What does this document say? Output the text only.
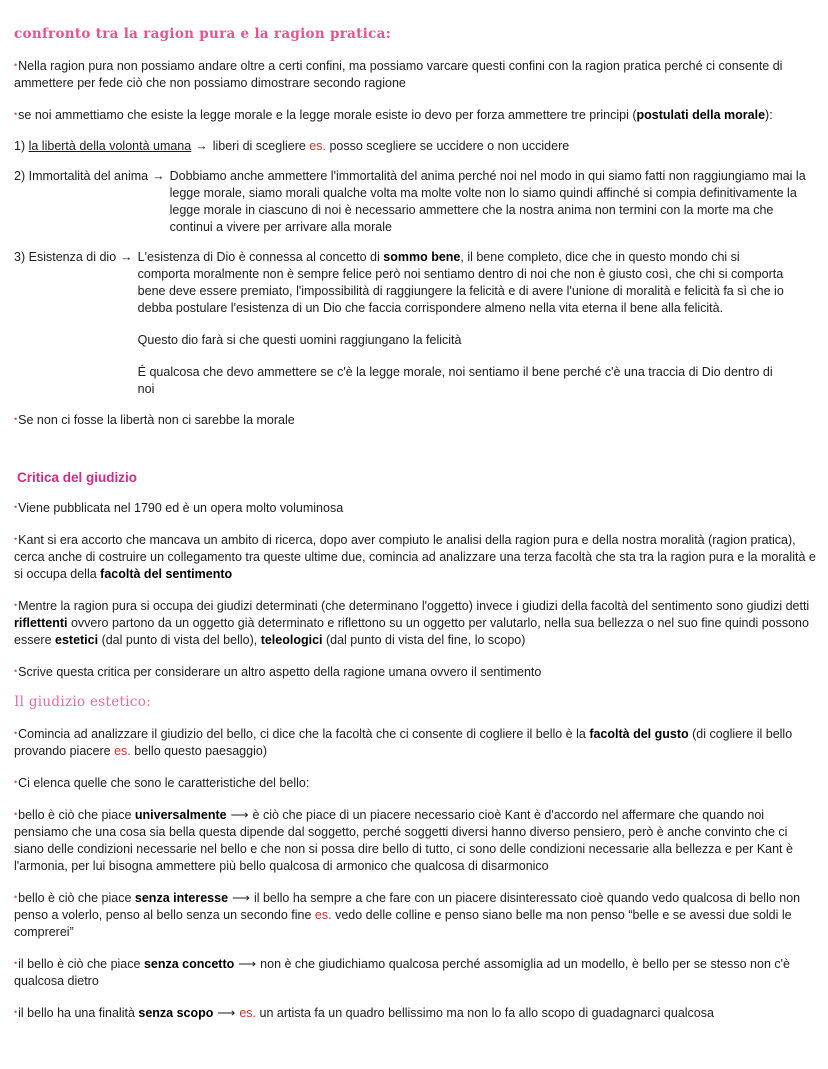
confronto tra la ragion pura e la ragion pratica:

•Nella ragion pura non possiamo andare oltre a certi confini, ma possiamo varcare questi confini con la ragion pratica perché ci consente di ammettere per fede ciò che non possiamo dimostrare secondo ragione

•se noi ammettiamo che esiste la legge morale e la legge morale esiste io devo per forza ammettere tre principi (postulati della morale):

1) la libertà della volontà umana → liberi di scegliere es. posso scegliere se uccidere o non uccidere

2) Immortalità del anima → Dobbiamo anche ammettere l'immortalità del anima perché noi nel modo in qui siamo fatti non raggiungiamo mai la legge morale, siamo morali qualche volta ma molte volte non lo siamo quindi affinché si compia definitivamente la legge morale in ciascuno di noi è necessario ammettere che la nostra anima non termini con la morte ma che continui a vivere per arrivare alla morale

3) Esistenza di dio → L'esistenza di Dio è connessa al concetto di sommo bene, il bene completo, dice che in questo mondo chi si comporta moralmente non è sempre felice però noi sentiamo dentro di noi che non è giusto così, che chi si comporta bene deve essere premiato, l'impossibilità di raggiungere la felicità e di avere l'unione di moralità e felicità fa sì che io debba postulare l'esistenza di un Dio che faccia corrispondere almeno nella vita eterna il bene alla felicità.

Questo dio farà si che questi uomini raggiungano la felicità

É qualcosa che devo ammettere se c'è la legge morale, noi sentiamo il bene perché c'è una traccia di Dio dentro di noi

•Se non ci fosse la libertà non ci sarebbe la morale

Critica del giudizio

•Viene pubblicata nel 1790 ed è un opera molto voluminosa

•Kant si era accorto che mancava un ambito di ricerca, dopo aver compiuto le analisi della ragion pura e della nostra moralità (ragion pratica), cerca anche di costruire un collegamento tra queste ultime due, comincia ad analizzare una terza facoltà che sta tra la ragion pura e la moralità e si occupa della facoltà del sentimento

•Mentre la ragion pura si occupa dei giudizi determinati (che determinano l'oggetto) invece i giudizi della facoltà del sentimento sono giudizi detti riflettenti ovvero partono da un oggetto già determinato e riflettono su un oggetto per valutarlo, nella sua bellezza o nel suo fine quindi possono essere estetici (dal punto di vista del bello), teleologici (dal punto di vista del fine, lo scopo)

•Scrive questa critica per considerare un altro aspetto della ragione umana ovvero il sentimento

Il giudizio estetico:

•Comincia ad analizzare il giudizio del bello, ci dice che la facoltà che ci consente di cogliere il bello è la facoltà del gusto (di cogliere il bello provando piacere es. bello questo paesaggio)

•Ci elenca quelle che sono le caratteristiche del bello:

•bello è ciò che piace universalmente ⟶ è ciò che piace di un piacere necessario cioè Kant è d'accordo nel affermare che quando noi pensiamo che una cosa sia bella questa dipende dal soggetto, perché soggetti diversi hanno diverso pensiero, però è anche convinto che ci siano delle condizioni necessarie nel bello e che non si possa dire bello di tutto, ci sono delle condizioni necessarie alla bellezza e per Kant è l'armonia, per lui bisogna ammettere più bello qualcosa di armonico che qualcosa di disarmonico

•bello è ciò che piace senza interesse ⟶ il bello ha sempre a che fare con un piacere disinteressato cioè quando vedo qualcosa di bello non penso a volerlo, penso al bello senza un secondo fine es. vedo delle colline e penso siano belle ma non penso “belle e se avessi due soldi le comprerei”

•il bello è ciò che piace senza concetto ⟶ non è che giudichiamo qualcosa perché assomiglia ad un modello, è bello per se stesso non c'è qualcosa dietro

•il bello ha una finalità senza scopo ⟶ es. un artista fa un quadro bellissimo ma non lo fa allo scopo di guadagnarci qualcosa
